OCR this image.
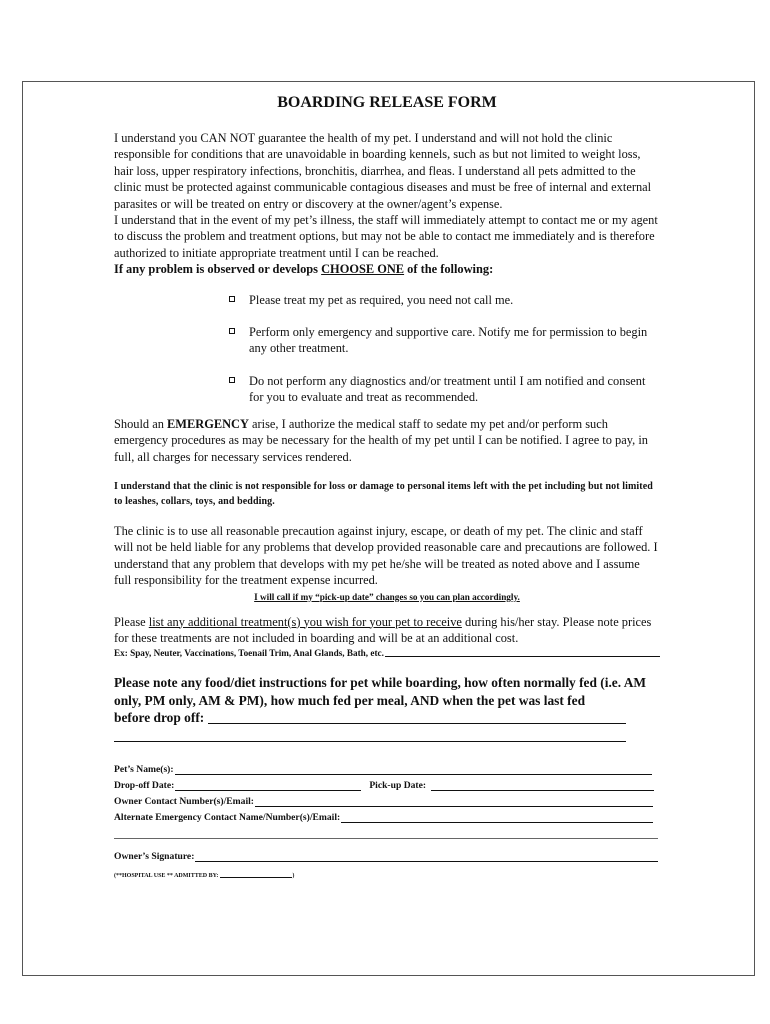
BOARDING RELEASE FORM

I understand you CAN NOT guarantee the health of my pet. I understand and will not hold the clinic responsible for conditions that are unavoidable in boarding kennels, such as but not limited to weight loss, hair loss, upper respiratory infections, bronchitis, diarrhea, and fleas. I understand all pets admitted to the clinic must be protected against communicable contagious diseases and must be free of internal and external parasites or will be treated on entry or discovery at the owner/agent’s expense.

I understand that in the event of my pet’s illness, the staff will immediately attempt to contact me or my agent to discuss the problem and treatment options, but may not be able to contact me immediately and is therefore authorized to initiate appropriate treatment until I can be reached.

If any problem is observed or develops CHOOSE ONE of the following:

Please treat my pet as required, you need not call me.
Perform only emergency and supportive care. Notify me for permission to begin any other treatment.
Do not perform any diagnostics and/or treatment until I am notified and consent for you to evaluate and treat as recommended.

Should an EMERGENCY arise, I authorize the medical staff to sedate my pet and/or perform such emergency procedures as may be necessary for the health of my pet until I can be notified. I agree to pay, in full, all charges for necessary services rendered.

I understand that the clinic is not responsible for loss or damage to personal items left with the pet including but not limited to leashes, collars, toys, and bedding.

The clinic is to use all reasonable precaution against injury, escape, or death of my pet. The clinic and staff will not be held liable for any problems that develop provided reasonable care and precautions are followed. I understand that any problem that develops with my pet he/she will be treated as noted above and I assume full responsibility for the treatment expense incurred.

I will call if my “pick-up date” changes so you can plan accordingly.

Please list any additional treatment(s) you wish for your pet to receive during his/her stay. Please note prices for these treatments are not included in boarding and will be at an additional cost.

Ex: Spay, Neuter, Vaccinations, Toenail Trim, Anal Glands, Bath, etc.
Please note any food/diet instructions for pet while boarding, how often normally fed (i.e. AM only, PM only, AM & PM), how much fed per meal, AND when the pet was last fed
before drop off:
Pet’s Name(s):
Drop-off Date:	Pick-up Date:
Owner Contact Number(s)/Email:
Alternate Emergency Contact Name/Number(s)/Email:
Owner’s Signature:
(**HOSPITAL USE ** ADMITTED BY:	)
